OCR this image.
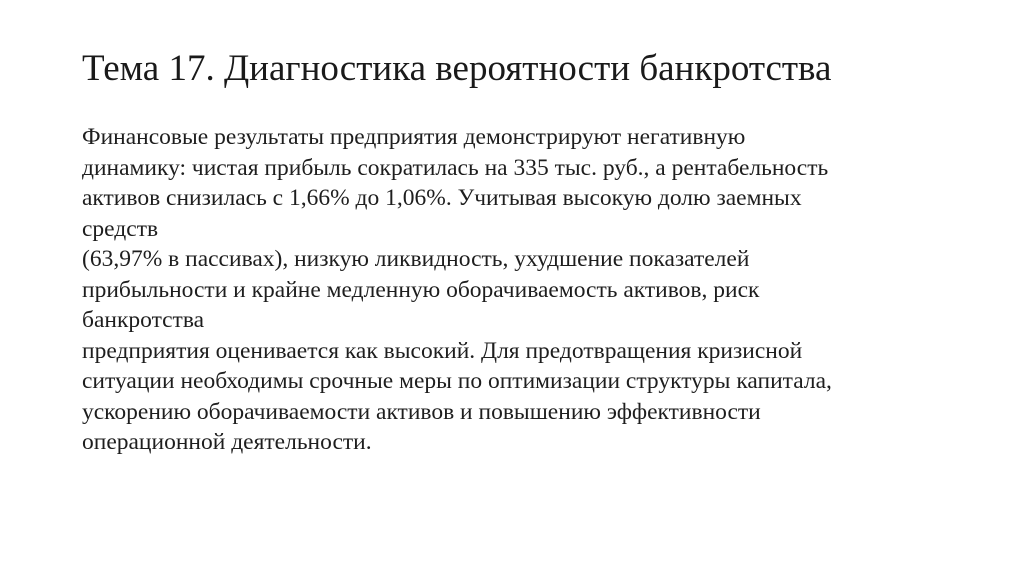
Тема 17. Диагностика вероятности банкротства
Финансовые результаты предприятия демонстрируют негативную
динамику: чистая прибыль сократилась на 335 тыс. руб., а рентабельность
активов снизилась с 1,66% до 1,06%. Учитывая высокую долю заемных
средств
(63,97% в пассивах), низкую ликвидность, ухудшение показателей
прибыльности и крайне медленную оборачиваемость активов, риск
банкротства
предприятия оценивается как высокий. Для предотвращения кризисной
ситуации необходимы срочные меры по оптимизации структуры капитала,
ускорению оборачиваемости активов и повышению эффективности
операционной деятельности.
